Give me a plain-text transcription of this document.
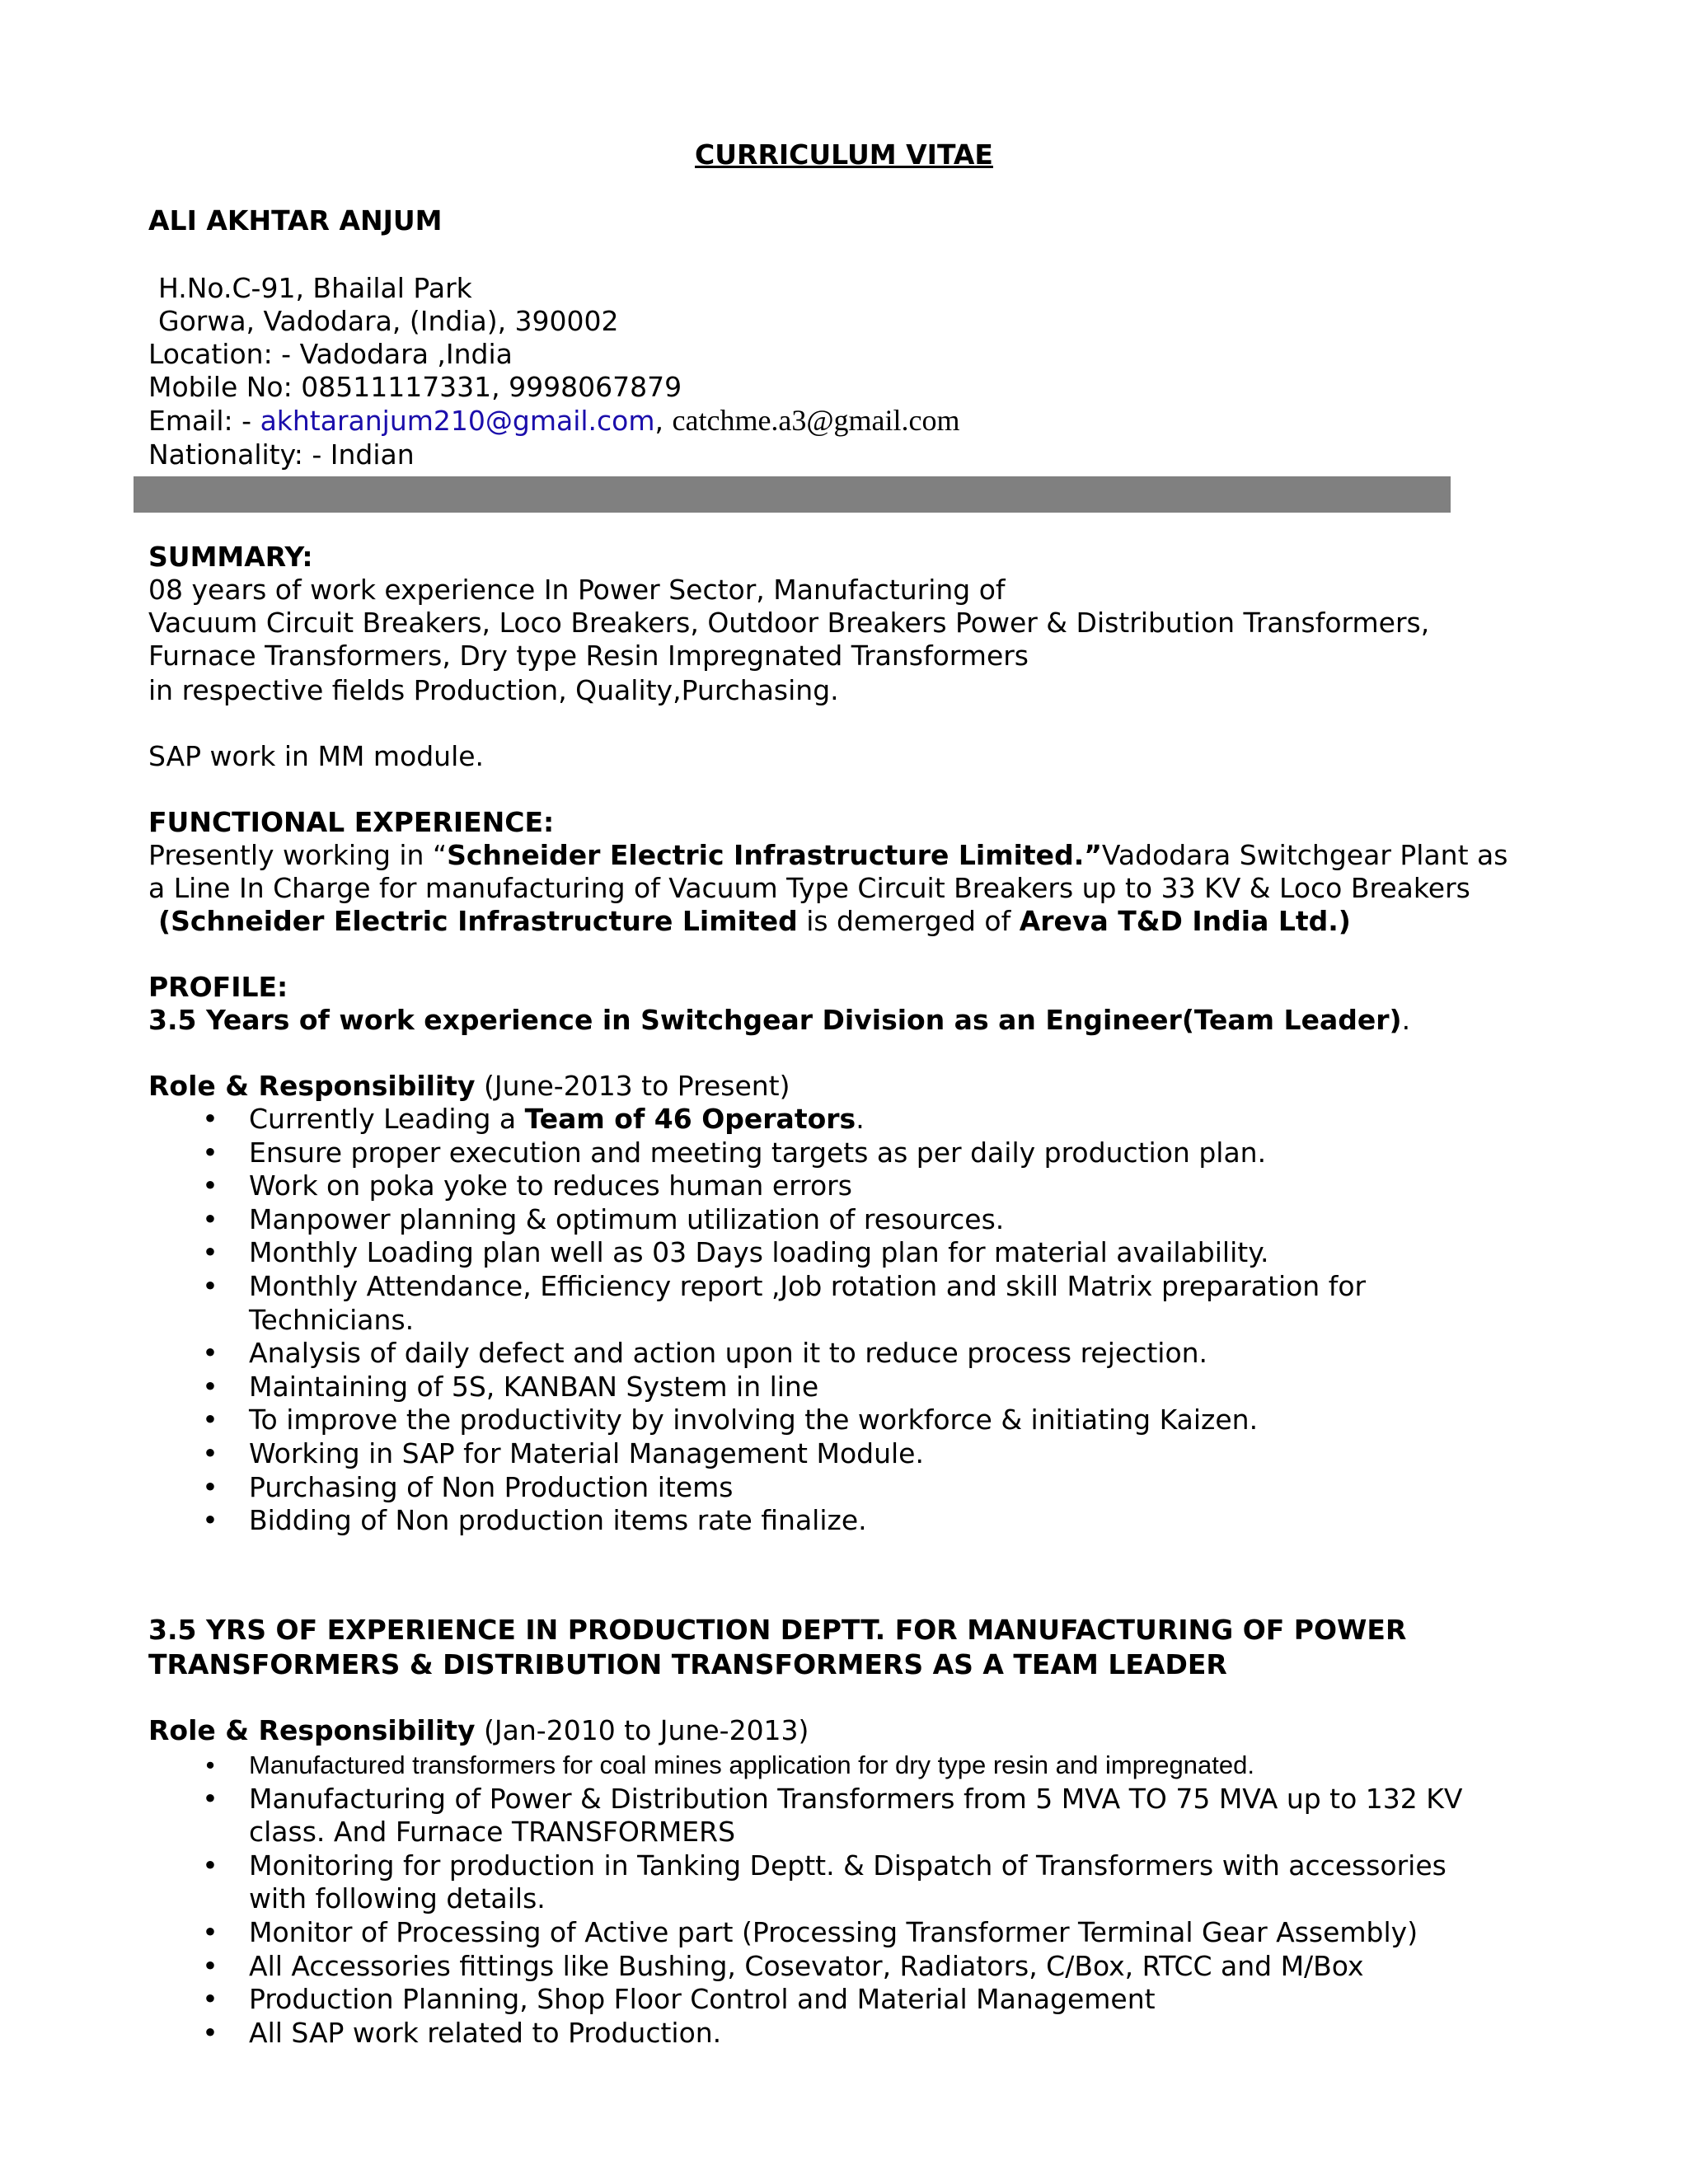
CURRICULUM VITAE
ALI AKHTAR ANJUM
H.No.C-91, Bhailal Park
Gorwa, Vadodara, (India), 390002
Location: - Vadodara ,India
Mobile No: 08511117331, 9998067879
Email: - akhtaranjum210@gmail.com, catchme.a3@gmail.com
Nationality: - Indian
SUMMARY:
08 years of work experience In Power Sector, Manufacturing of
Vacuum Circuit Breakers, Loco Breakers, Outdoor Breakers Power & Distribution Transformers,
Furnace Transformers, Dry type Resin Impregnated Transformers
in respective fields Production, Quality,Purchasing.
SAP work in MM module.
FUNCTIONAL EXPERIENCE:
Presently working in “Schneider Electric Infrastructure Limited.”Vadodara Switchgear Plant as
a Line In Charge for manufacturing of Vacuum Type Circuit Breakers up to 33 KV & Loco Breakers
(Schneider Electric Infrastructure Limited is demerged of Areva T&D India Ltd.)
PROFILE:
3.5 Years of work experience in Switchgear Division as an Engineer(Team Leader).
Role & Responsibility (June-2013 to Present)
• Currently Leading a Team of 46 Operators.
• Ensure proper execution and meeting targets as per daily production plan.
• Work on poka yoke to reduces human errors
• Manpower planning & optimum utilization of resources.
• Monthly Loading plan well as 03 Days loading plan for material availability.
• Monthly Attendance, Efficiency report ,Job rotation and skill Matrix preparation for Technicians.
• Analysis of daily defect and action upon it to reduce process rejection.
• Maintaining of 5S, KANBAN System in line
• To improve the productivity by involving the workforce & initiating Kaizen.
• Working in SAP for Material Management Module.
• Purchasing of Non Production items
• Bidding of Non production items rate finalize.
3.5 YRS OF EXPERIENCE IN PRODUCTION DEPTT. FOR MANUFACTURING OF POWER
TRANSFORMERS & DISTRIBUTION TRANSFORMERS AS A TEAM LEADER
Role & Responsibility (Jan-2010 to June-2013)
•	Manufactured transformers for coal mines application for dry type resin and impregnated.
• Manufacturing of Power & Distribution Transformers from 5 MVA TO 75 MVA up to 132 KV class. And Furnace TRANSFORMERS
• Monitoring for production in Tanking Deptt. & Dispatch of Transformers with accessories with following details.
• Monitor of Processing of Active part (Processing Transformer Terminal Gear Assembly)
• All Accessories fittings like Bushing, Cosevator, Radiators, C/Box, RTCC and M/Box
• Production Planning, Shop Floor Control and Material Management
• All SAP work related to Production.
